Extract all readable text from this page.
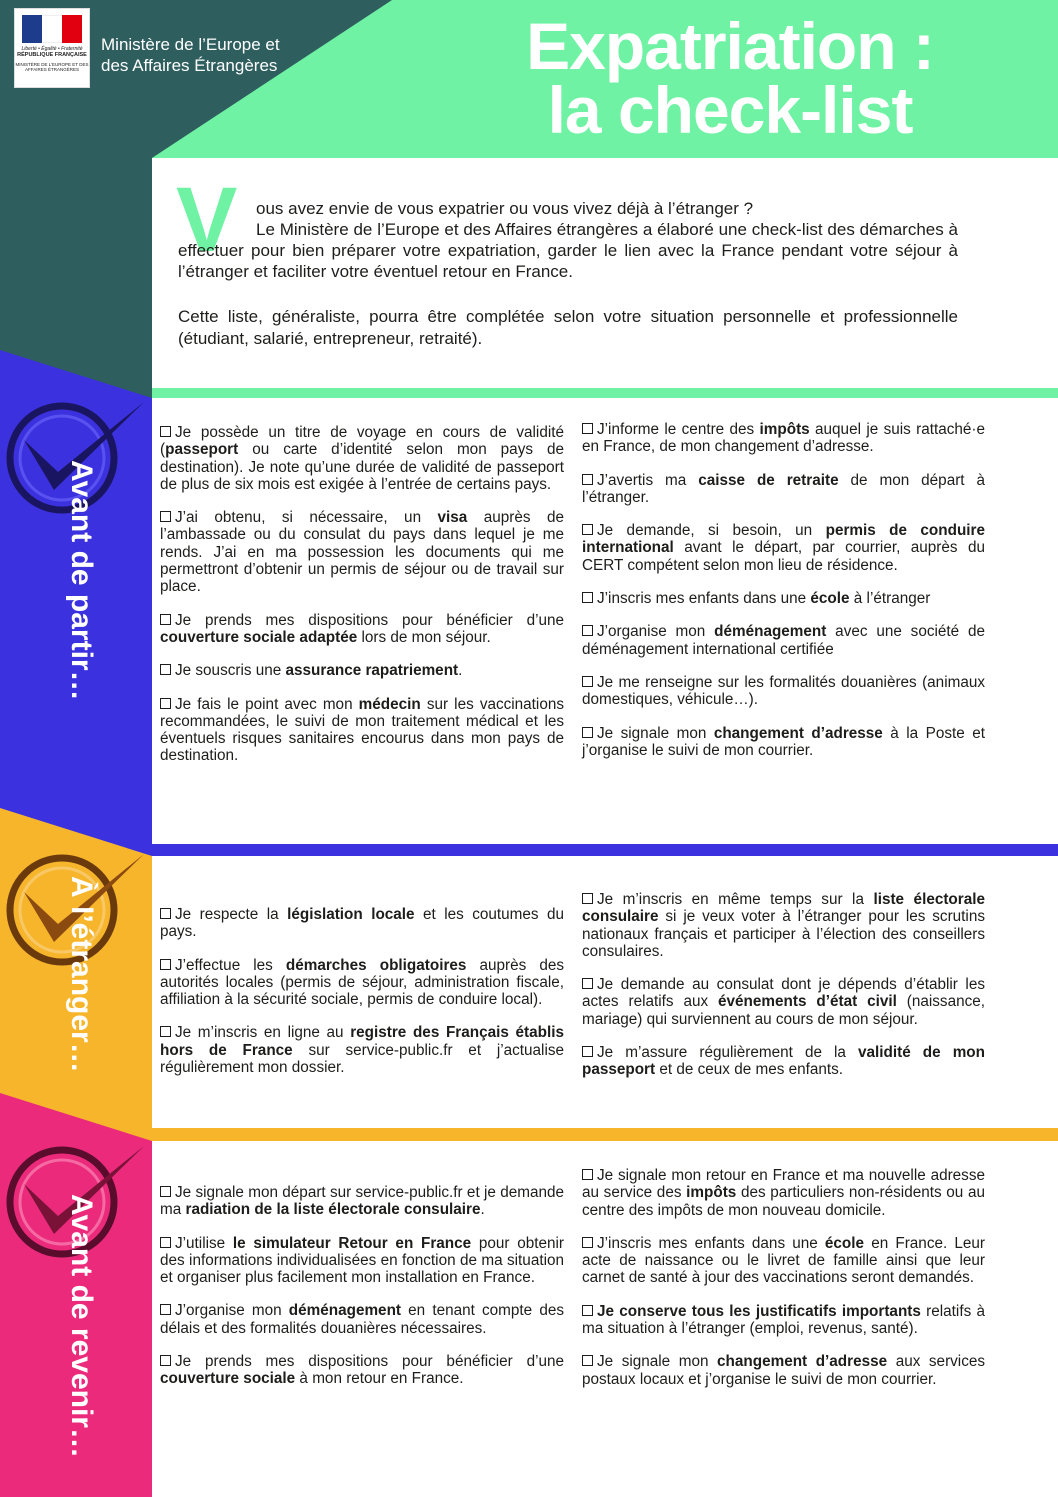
Liberté • Égalité • Fraternité
RÉPUBLIQUE FRANÇAISE
MINISTÈRE DE L’EUROPE ET DES AFFAIRES ÉTRANGÈRES
Ministère de l’Europe et
des Affaires Étrangères	Expatriation :
la check-list
V	ous avez envie de vous expatrier ou vous vivez déjà à l’étranger ?
Le Ministère de l’Europe et des Affaires étrangères a élaboré une check-list des démarches à effectuer pour bien préparer votre expatriation, garder le lien avec la France pendant votre séjour à l’étranger et faciliter votre éventuel retour en France.
Cette liste, généraliste, pourra être complétée selon votre situation personnelle et professionnelle (étudiant, salarié, entrepreneur, retraité).
Je possède un titre de voyage en cours de validité (passeport ou carte d’identité selon mon pays de destination). Je note qu’une durée de validité de passeport de plus de six mois est exigée à l’entrée de certains pays.
J’ai obtenu, si nécessaire, un visa auprès de l’ambassade ou du consulat du pays dans lequel je me rends. J’ai en ma possession les documents qui me permettront d’obtenir un permis de séjour ou de travail sur place.
Je prends mes dispositions pour bénéficier d’une couverture sociale adaptée lors de mon séjour.
Je souscris une assurance rapatriement.
Je fais le point avec mon médecin sur les vaccinations recommandées, le suivi de mon traitement médical et les éventuels risques sanitaires encourus dans mon pays de destination.
J’informe le centre des impôts auquel je suis rattaché·e en France, de mon changement d’adresse.
J’avertis ma caisse de retraite de mon départ à l’étranger.
Je demande, si besoin, un permis de conduire international avant le départ, par courrier, auprès du CERT compétent selon mon lieu de résidence.
J’inscris mes enfants dans une école à l’étranger
J’organise mon déménagement avec une société de déménagement international certifiée
Je me renseigne sur les formalités douanières (animaux domestiques, véhicule…).
Je signale mon changement d’adresse à la Poste et j’organise le suivi de mon courrier.
Je respecte la législation locale et les coutumes du pays.
J’effectue les démarches obligatoires auprès des autorités locales (permis de séjour, administration fiscale, affiliation à la sécurité sociale, permis de conduire local).
Je m’inscris en ligne au registre des Français établis hors de France sur service-public.fr et j’actualise régulièrement mon dossier.
Je m’inscris en même temps sur la liste électorale consulaire si je veux voter à l’étranger pour les scrutins nationaux français et participer à l’élection des conseillers consulaires.
Je demande au consulat dont je dépends d’établir les actes relatifs aux événements d’état civil (naissance, mariage) qui surviennent au cours de mon séjour.
Je m’assure régulièrement de la validité de mon passeport et de ceux de mes enfants.
Je signale mon départ sur service-public.fr et je demande ma radiation de la liste électorale consulaire.
J’utilise le simulateur Retour en France pour obtenir des informations individualisées en fonction de ma situation et organiser plus facilement mon installation en France.
J’organise mon déménagement en tenant compte des délais et des formalités douanières nécessaires.
Je prends mes dispositions pour bénéficier d’une couverture sociale à mon retour en France.
Je signale mon retour en France et ma nouvelle adresse au service des impôts des particuliers non-résidents ou au centre des impôts de mon nouveau domicile.
J’inscris mes enfants dans une école en France. Leur acte de naissance ou le livret de famille ainsi que leur carnet de santé à jour des vaccinations seront demandés.
Je conserve tous les justificatifs importants relatifs à ma situation à l’étranger (emploi, revenus, santé).
Je signale mon changement d’adresse aux services postaux locaux et j’organise le suivi de mon courrier.
Avant de partir…
À l’étranger…
Avant de revenir…
